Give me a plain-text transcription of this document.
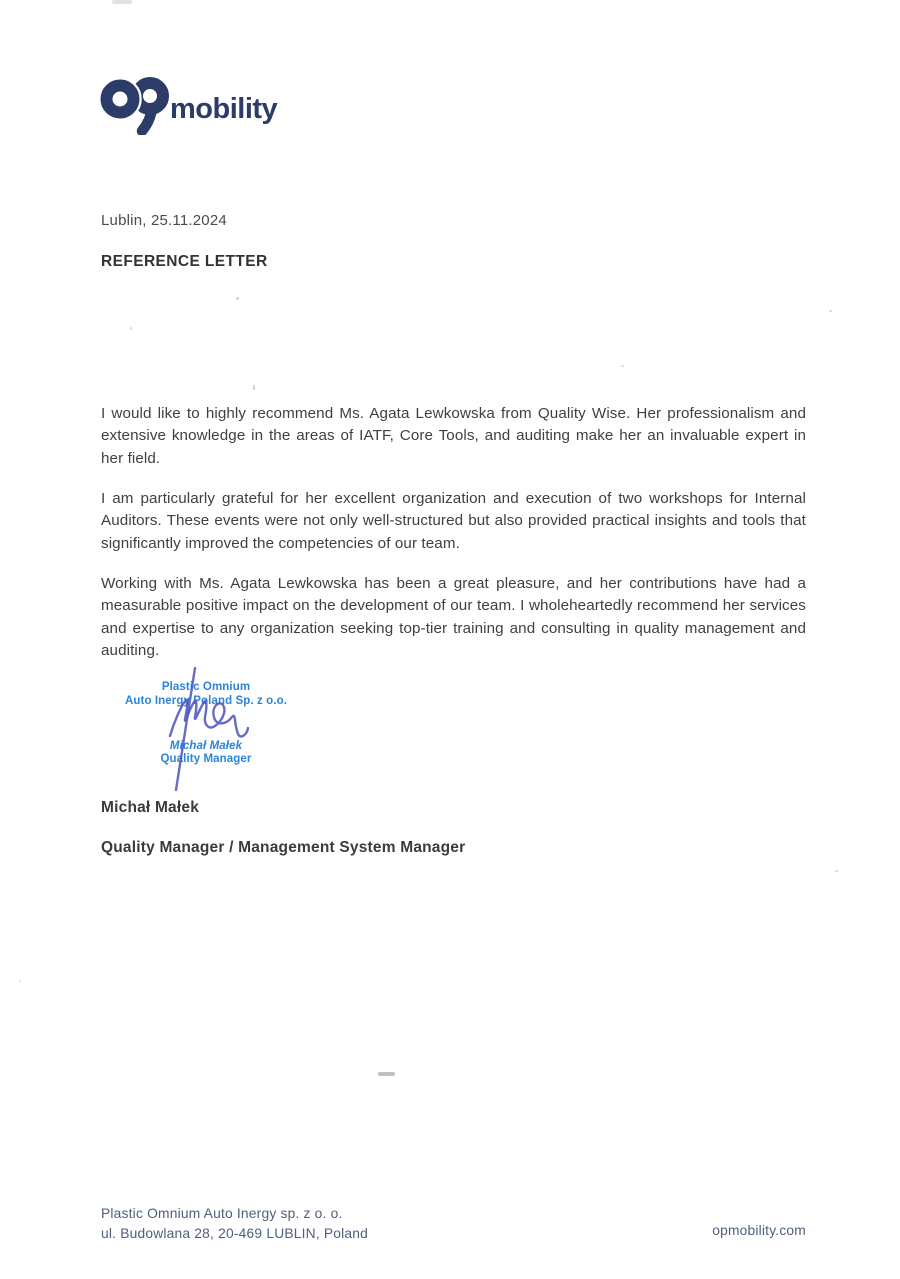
mobility
Lublin, 25.11.2024
REFERENCE LETTER

I would like to highly recommend Ms. Agata Lewkowska from Quality Wise. Her professionalism and extensive knowledge in the areas of IATF, Core Tools, and auditing make her an invaluable expert in her field.

I am particularly grateful for her excellent organization and execution of two workshops for Internal Auditors. These events were not only well-structured but also provided practical insights and tools that significantly improved the competencies of our team.

Working with Ms. Agata Lewkowska has been a great pleasure, and her contributions have had a measurable positive impact on the development of our team. I wholeheartedly recommend her services and expertise to any organization seeking top-tier training and consulting in quality management and auditing.

Plastic Omnium
Auto Inergy Poland Sp. z o.o.
Michał Małek
Quality Manager
Michał Małek
Quality Manager / Management System Manager
Plastic Omnium Auto Inergy sp. z o. o.
ul. Budowlana 28, 20-469 LUBLIN, Poland	opmobility.com
